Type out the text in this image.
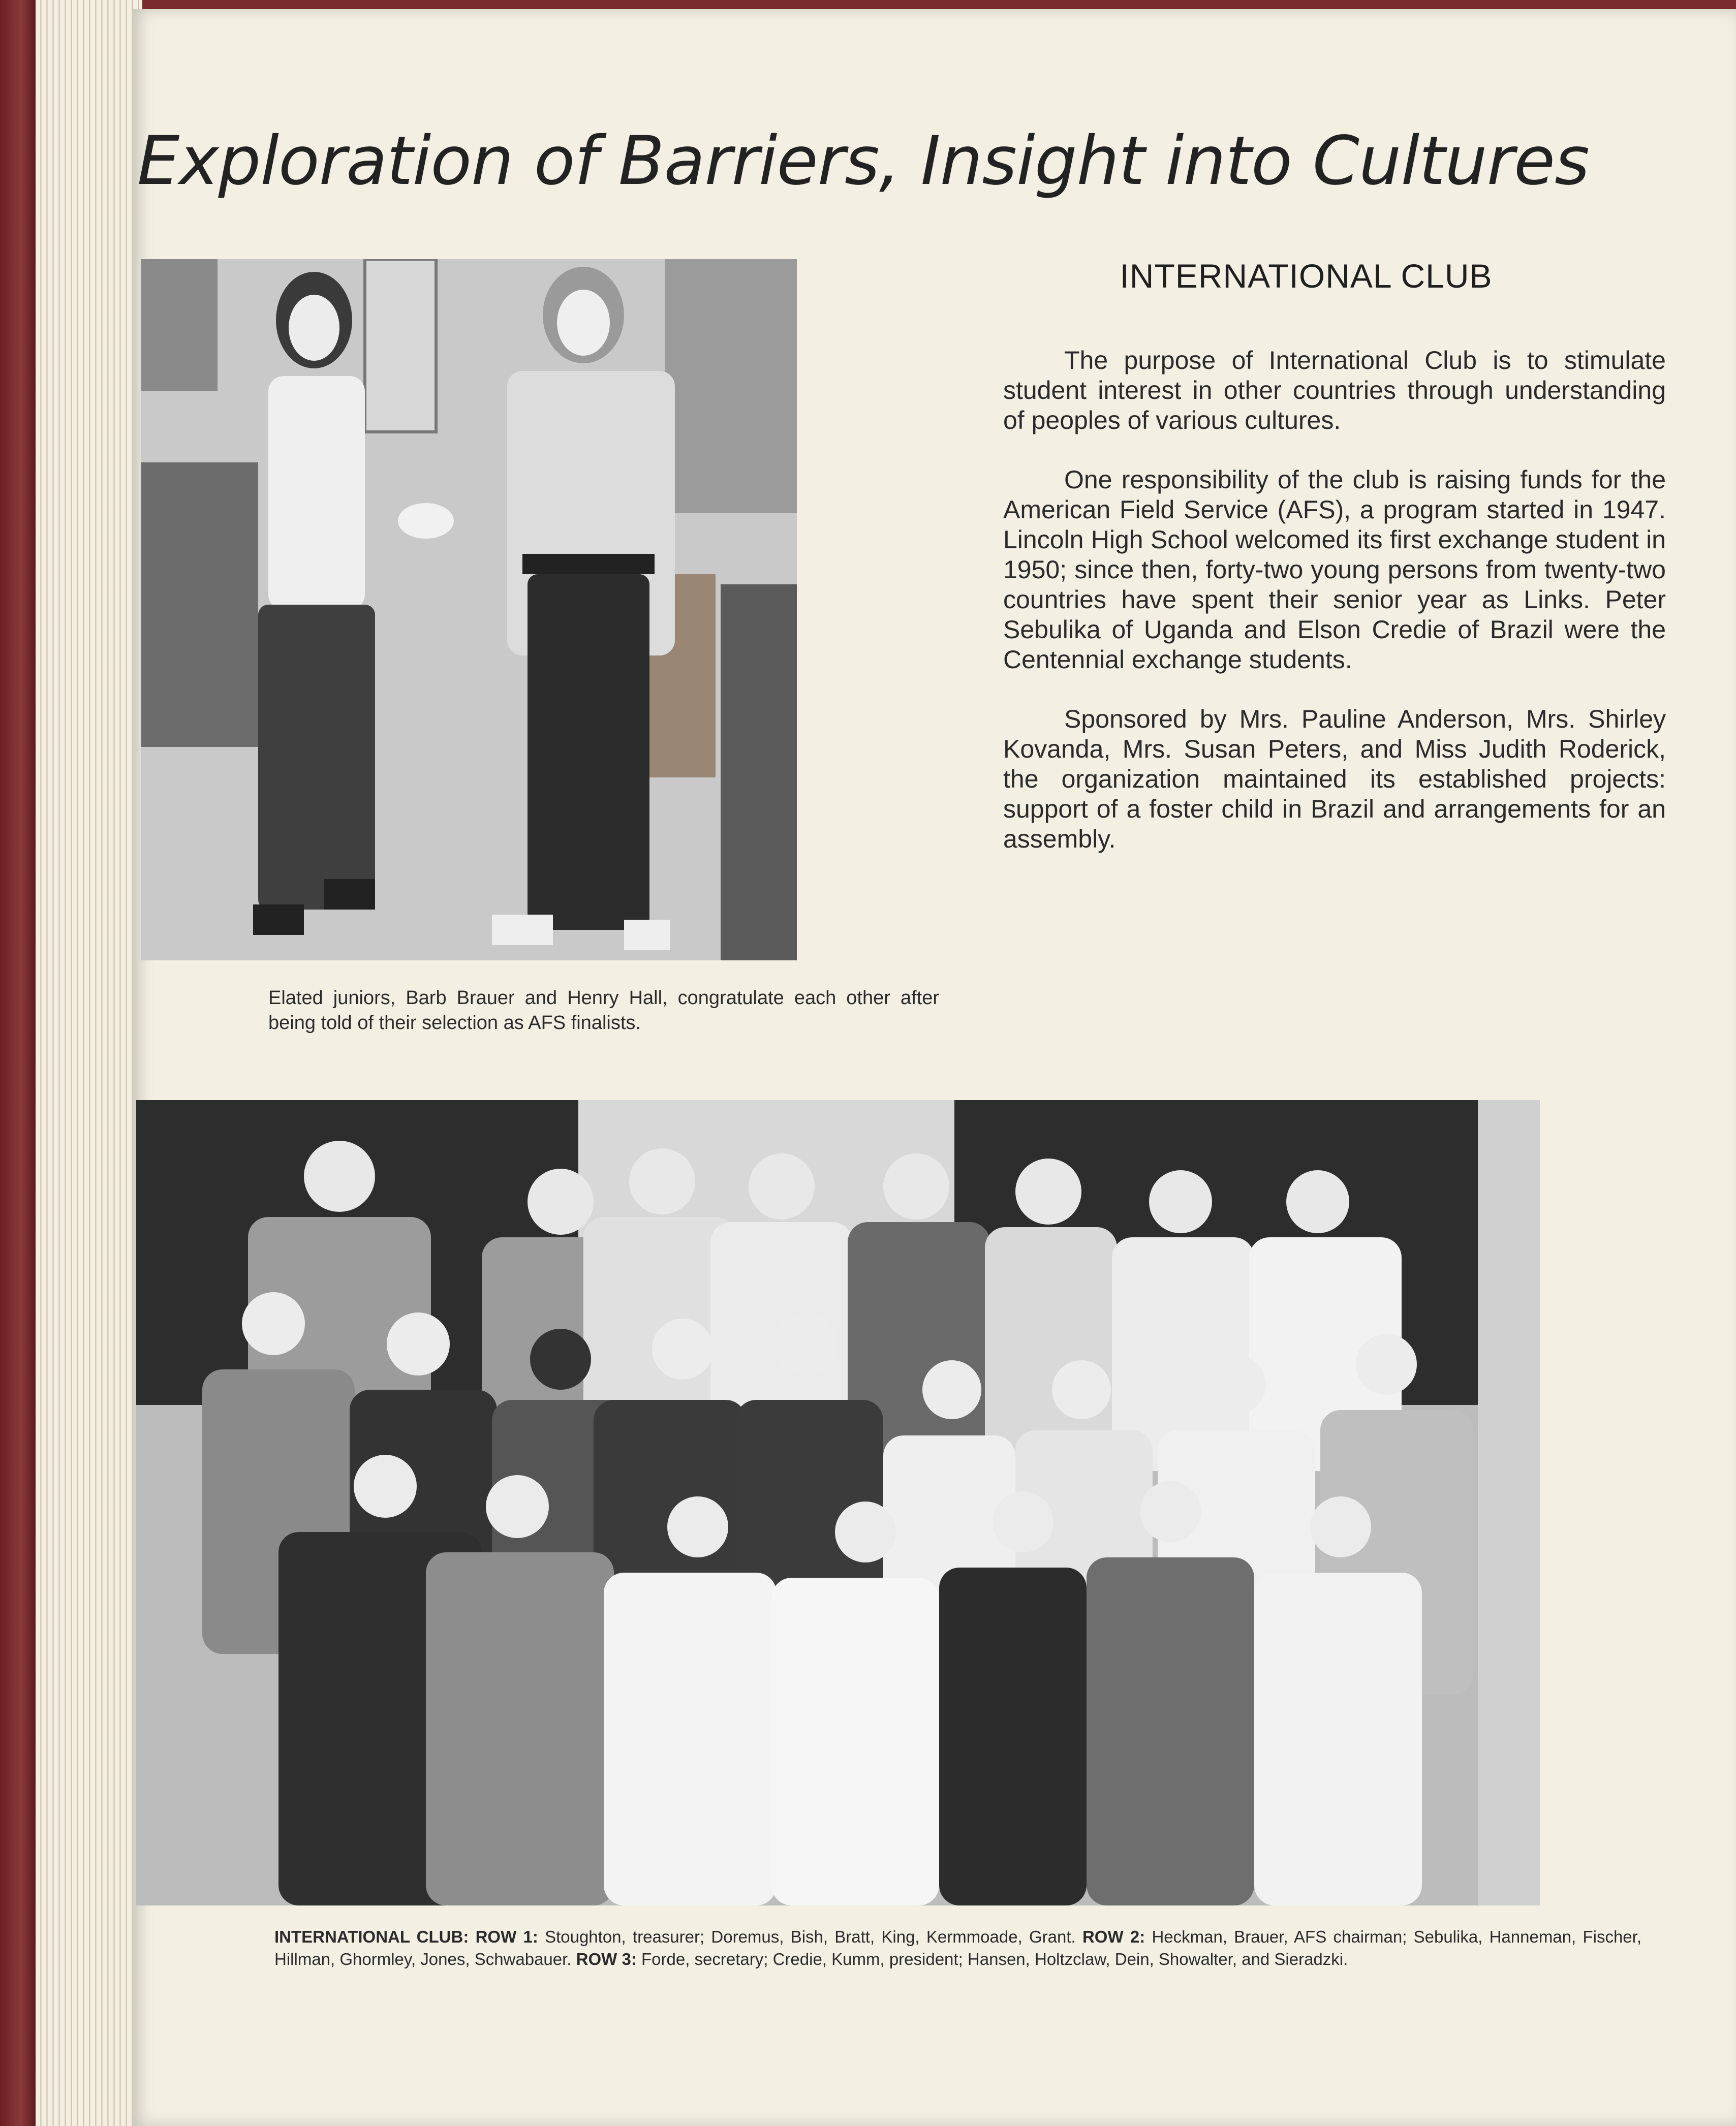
Exploration of Barriers, Insight into Cultures
INTERNATIONAL CLUB

The purpose of International Club is to stimulate student interest in other countries through understanding of peoples of various cultures.

One responsibility of the club is raising funds for the American Field Service (AFS), a program started in 1947. Lincoln High School welcomed its first exchange student in 1950; since then, forty-two young persons from twenty-two countries have spent their senior year as Links. Peter Sebulika of Uganda and Elson Credie of Brazil were the Centennial exchange students.

Sponsored by Mrs. Pauline Anderson, Mrs. Shirley Kovanda, Mrs. Susan Peters, and Miss Judith Roderick, the organization maintained its established projects: support of a foster child in Brazil and arrangements for an assembly.

Elated juniors, Barb Brauer and Henry Hall, congratulate each other after being told of their selection as AFS finalists.
INTERNATIONAL CLUB: ROW 1: Stoughton, treasurer; Doremus, Bish, Bratt, King, Kermmoade, Grant. ROW 2: Heckman, Brauer, AFS chairman; Sebulika, Hanneman, Fischer, Hillman, Ghormley, Jones, Schwabauer. ROW 3: Forde, secretary; Credie, Kumm, president; Hansen, Holtzclaw, Dein, Showalter, and Sieradzki.
